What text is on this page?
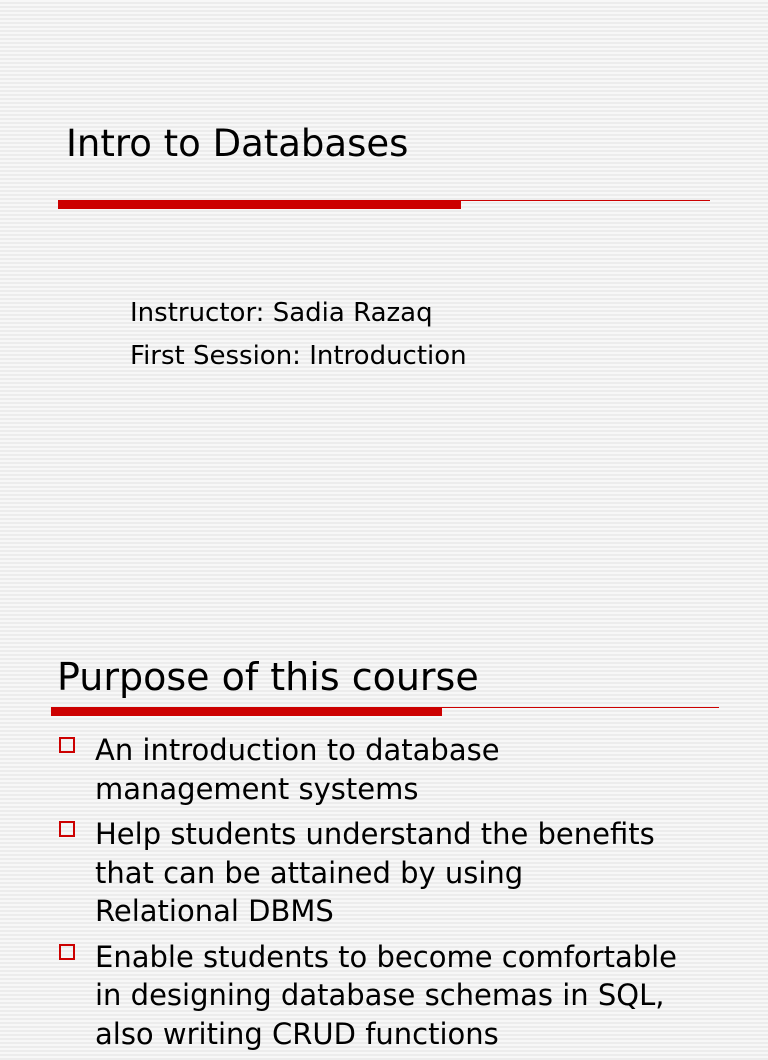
Intro to Databases
Instructor: Sadia Razaq
First Session: Introduction
Purpose of this course
An introduction to database
management systems
Help students understand the benefits
that can be attained by using
Relational DBMS
Enable students to become comfortable
in designing database schemas in SQL,
also writing CRUD functions
